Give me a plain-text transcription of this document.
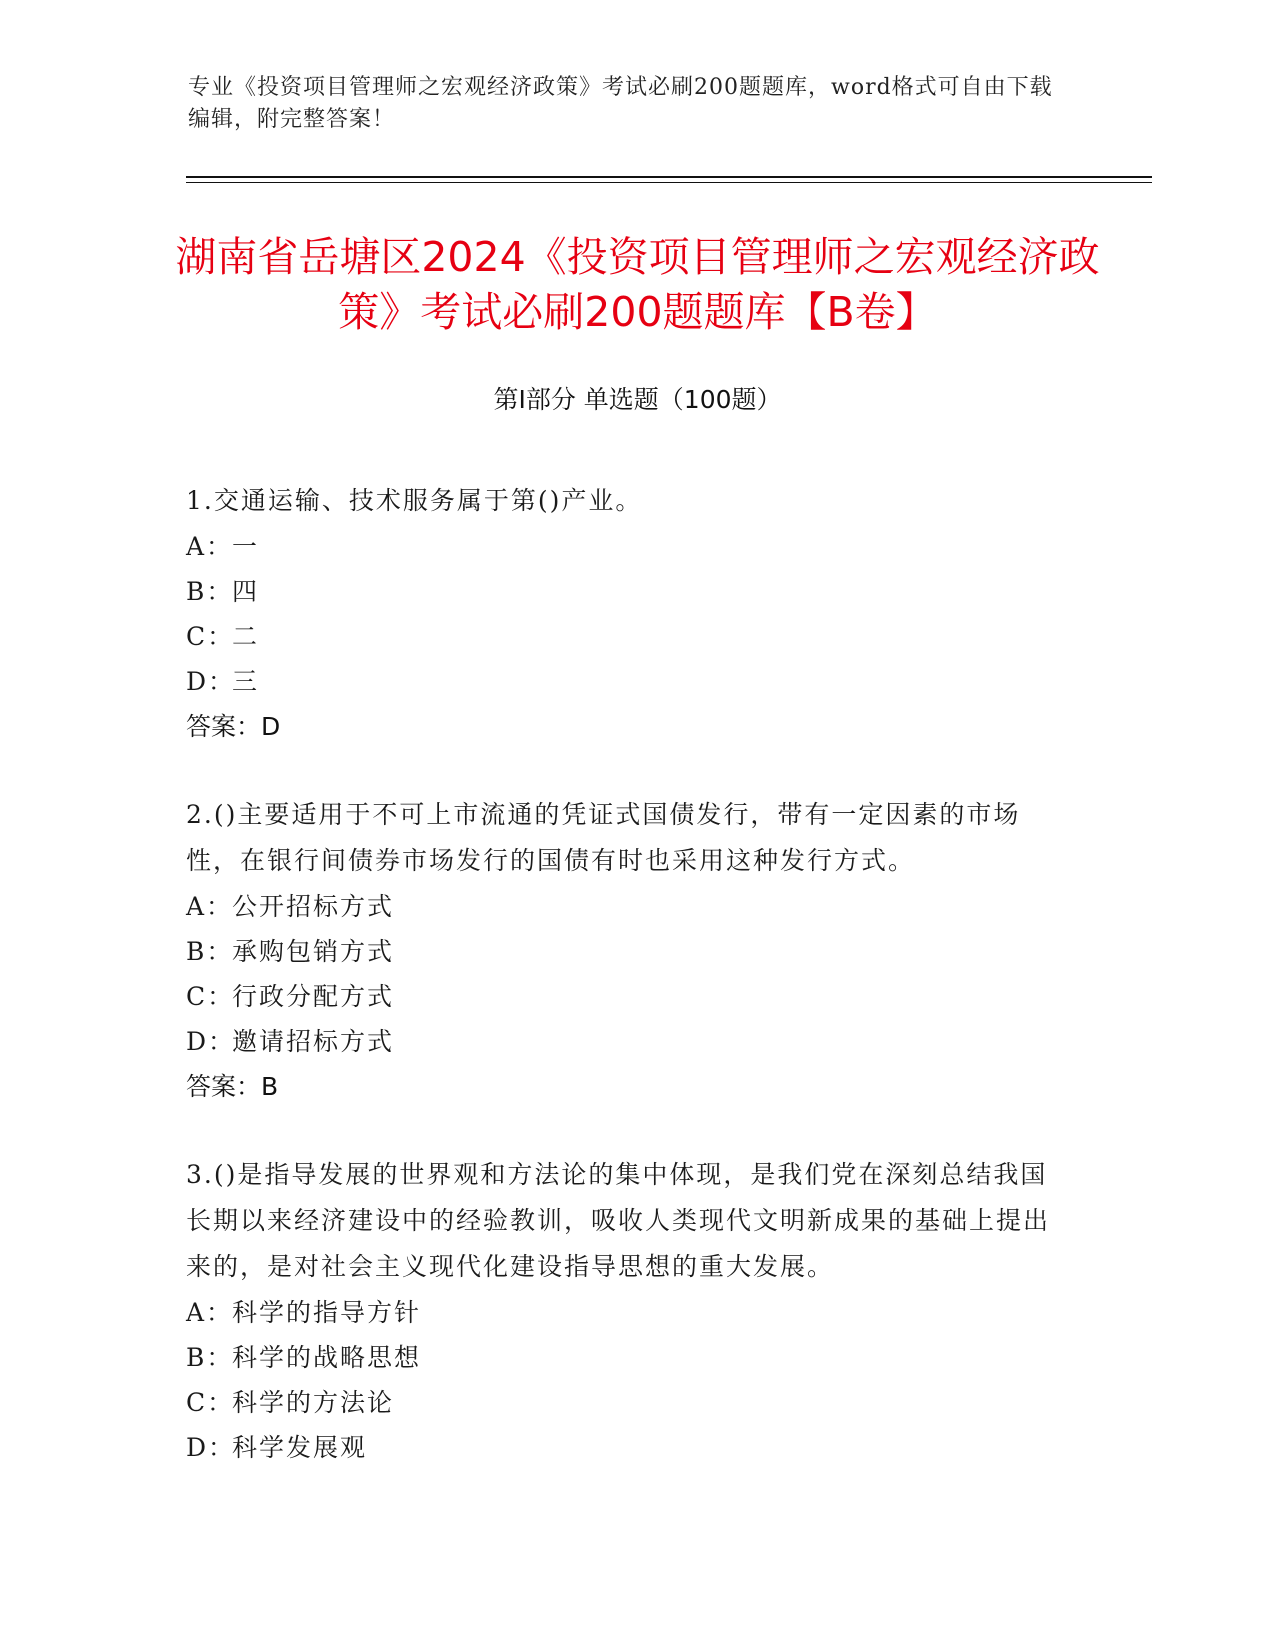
专业《投资项目管理师之宏观经济政策》考试必刷200题题库，word格式可自由下载编辑，附完整答案！
湖南省岳塘区2024《投资项目管理师之宏观经济政策》考试必刷200题题库【B卷】
第I部分 单选题（100题）
1.交通运输、技术服务属于第()产业。
A：
一
B：
四
C：
二
D：
三
答案：D
2.()主要适用于不可上市流通的凭证式国债发行，带有一定因素的市场性，在银行间债券市场发行的国债有时也采用这种发行方式。
A：
公开招标方式
B：
承购包销方式
C：
行政分配方式
D：
邀请招标方式
答案：B
3.()是指导发展的世界观和方法论的集中体现，是我们党在深刻总结我国长期以来经济建设中的经验教训，吸收人类现代文明新成果的基础上提出来的，是对社会主义现代化建设指导思想的重大发展。
A：
科学的指导方针
B：
科学的战略思想
C：
科学的方法论
D：
科学发展观
